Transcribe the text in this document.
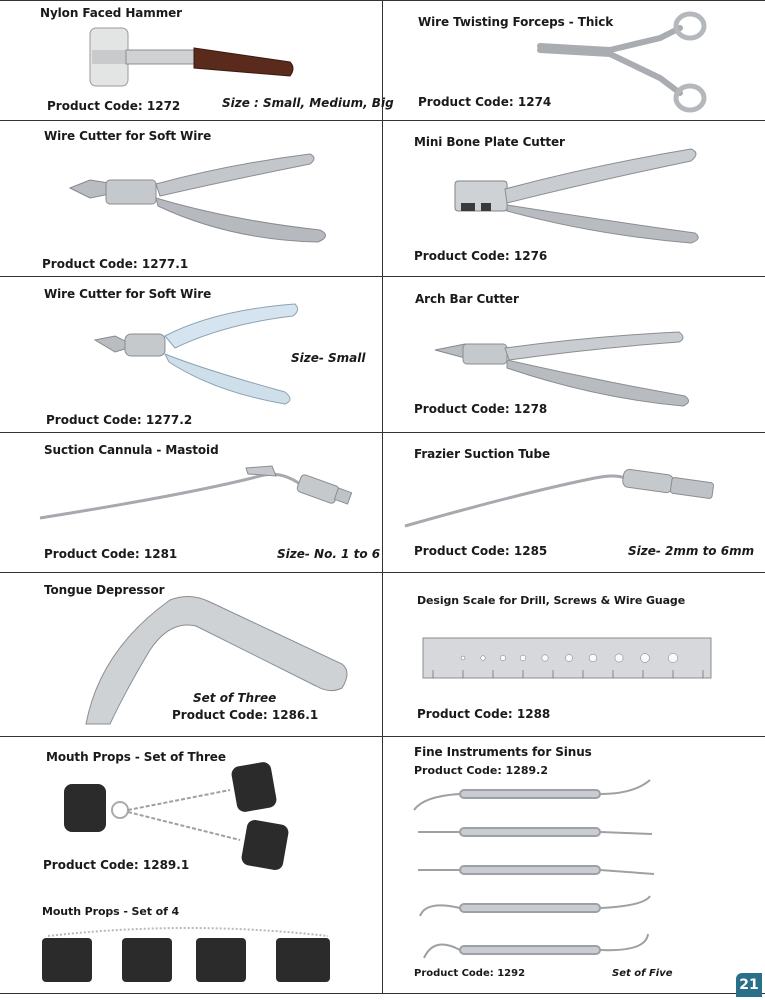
Nylon Faced Hammer
Product Code: 1272	Size : Small, Medium, Big
Wire Twisting Forceps - Thick
Product Code: 1274
Wire Cutter for Soft Wire
Product Code: 1277.1
Mini Bone Plate Cutter
Product Code: 1276
Wire Cutter for Soft Wire
Size- Small
Product Code: 1277.2
Arch Bar Cutter
Product Code: 1278
Suction Cannula - Mastoid
Product Code: 1281	Size- No. 1 to 6
Frazier Suction Tube
Product Code: 1285	Size- 2mm to 6mm
Tongue Depressor
Set of Three
Product Code: 1286.1
Design Scale for Drill, Screws & Wire Guage
Product Code: 1288
Mouth Props - Set of Three
Product Code: 1289.1
Mouth Props - Set of 4
Fine Instruments for Sinus
Product Code: 1289.2
Product Code: 1292	Set of Five
21
